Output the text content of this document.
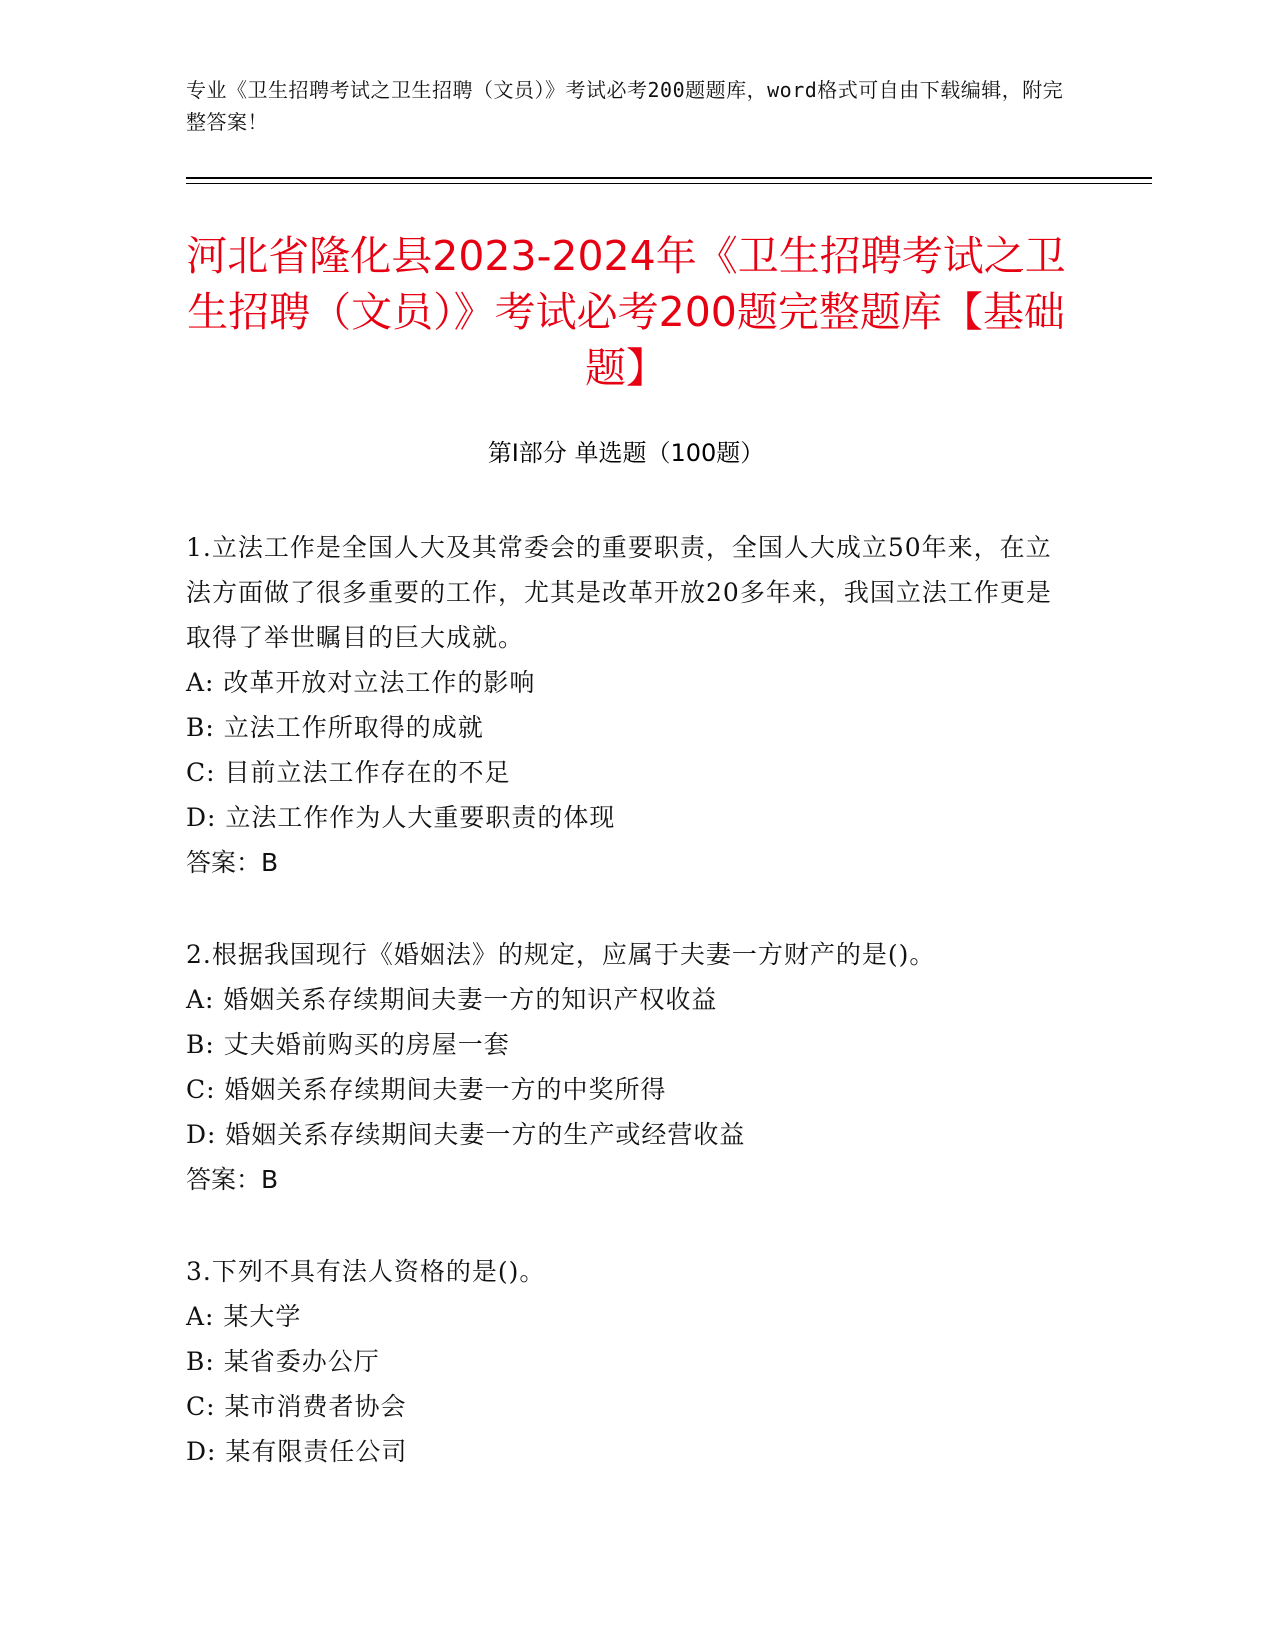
专业《卫生招聘考试之卫生招聘（文员）》考试必考200题题库，word格式可自由下载编辑，附完整答案！
河北省隆化县2023-2024年《卫生招聘考试之卫生招聘（文员）》考试必考200题完整题库【基础题】
第I部分 单选题（100题）
1.立法工作是全国人大及其常委会的重要职责，全国人大成立50年来，在立法方面做了很多重要的工作，尤其是改革开放20多年来，我国立法工作更是取得了举世瞩目的巨大成就。
A: 改革开放对立法工作的影响
B: 立法工作所取得的成就
C: 目前立法工作存在的不足
D: 立法工作作为人大重要职责的体现
答案：B
2.根据我国现行《婚姻法》的规定，应属于夫妻一方财产的是()。
A: 婚姻关系存续期间夫妻一方的知识产权收益
B: 丈夫婚前购买的房屋一套
C: 婚姻关系存续期间夫妻一方的中奖所得
D: 婚姻关系存续期间夫妻一方的生产或经营收益
答案：B
3.下列不具有法人资格的是()。
A: 某大学
B: 某省委办公厅
C: 某市消费者协会
D: 某有限责任公司
